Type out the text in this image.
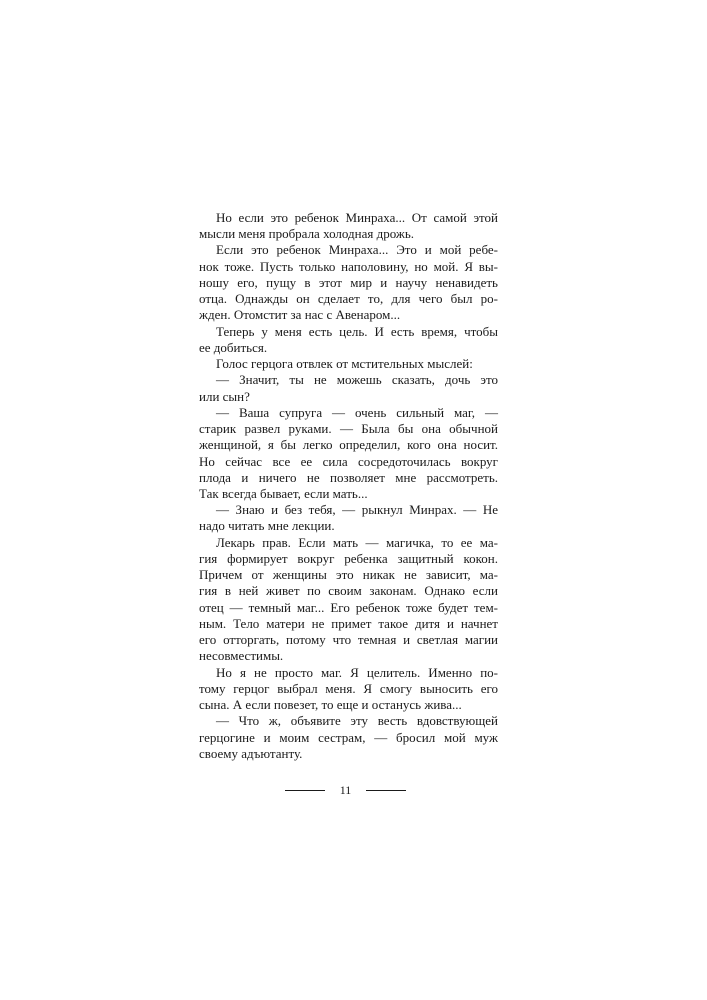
Но если это ребенок Минраха... От самой этой
мысли меня пробрала холодная дрожь.
Если это ребенок Минраха... Это и мой ребе-
нок тоже. Пусть только наполовину, но мой. Я вы-
ношу его, пущу в этот мир и научу ненавидеть
отца. Однажды он сделает то, для чего был ро-
жден. Отомстит за нас с Авенаром...
Теперь у меня есть цель. И есть время, чтобы
ее добиться.
Голос герцога отвлек от мстительных мыслей:
— Значит, ты не можешь сказать, дочь это
или сын?
— Ваша супруга — очень сильный маг, —
старик развел руками. — Была бы она обычной
женщиной, я бы легко определил, кого она носит.
Но сейчас все ее сила сосредоточилась вокруг
плода и ничего не позволяет мне рассмотреть.
Так всегда бывает, если мать...
— Знаю и без тебя, — рыкнул Минрах. — Не
надо читать мне лекции.
Лекарь прав. Если мать — магичка, то ее ма-
гия формирует вокруг ребенка защитный кокон.
Причем от женщины это никак не зависит, ма-
гия в ней живет по своим законам. Однако если
отец — темный маг... Его ребенок тоже будет тем-
ным. Тело матери не примет такое дитя и начнет
его отторгать, потому что темная и светлая магии
несовместимы.
Но я не просто маг. Я целитель. Именно по-
тому герцог выбрал меня. Я смогу выносить его
сына. А если повезет, то еще и останусь жива...
— Что ж, объявите эту весть вдовствующей
герцогине и моим сестрам, — бросил мой муж
своему адъютанту.
11
